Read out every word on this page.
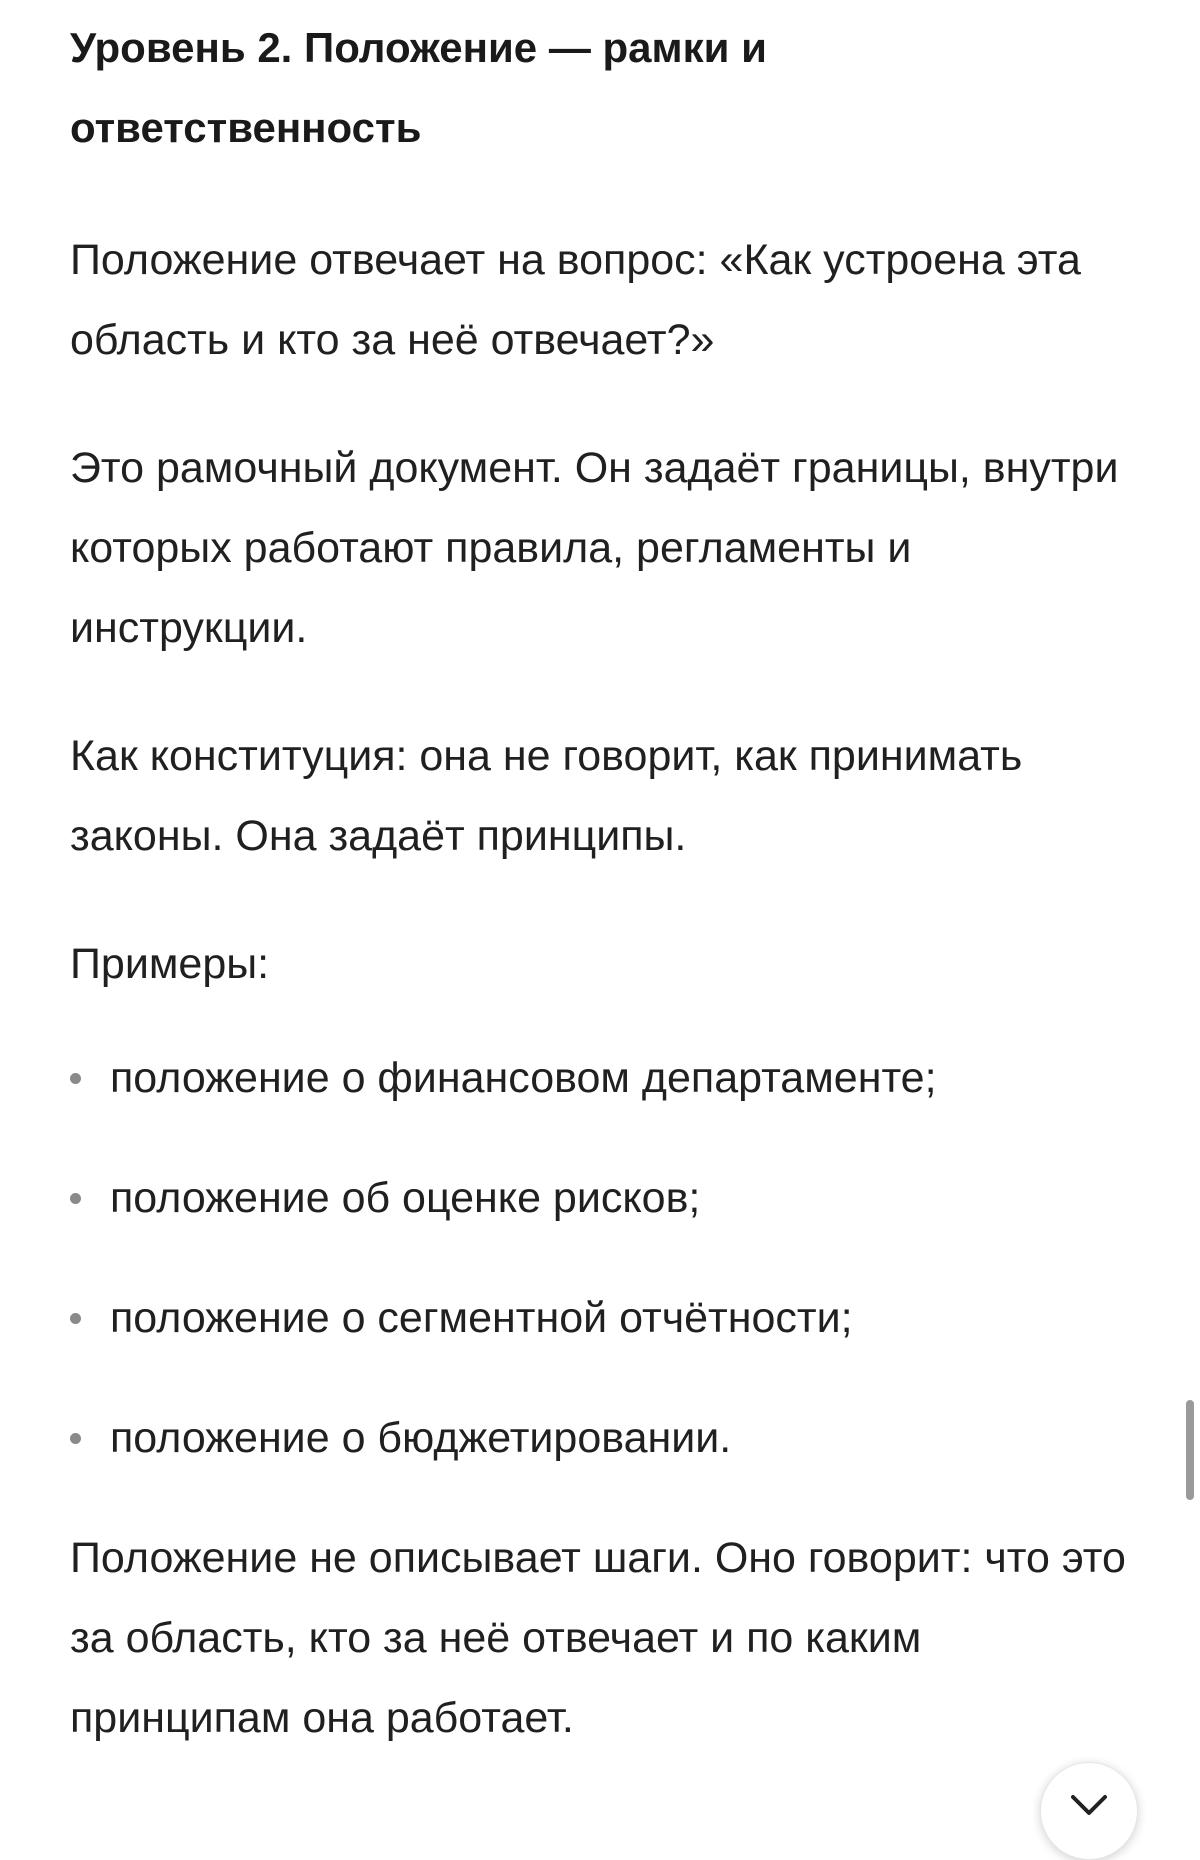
Уровень 2. Положение — рамки и ответственность

Положение отвечает на вопрос: «Как устроена эта область и кто за неё отвечает?»

Это рамочный документ. Он задаёт границы, внутри которых работают правила, регламенты и инструкции.

Как конституция: она не говорит, как принимать законы. Она задаёт принципы.

Примеры:

положение о финансовом департаменте;
положение об оценке рисков;
положение о сегментной отчётности;
положение о бюджетировании.

Положение не описывает шаги. Оно говорит: что это за область, кто за неё отвечает и по каким принципам она работает.
